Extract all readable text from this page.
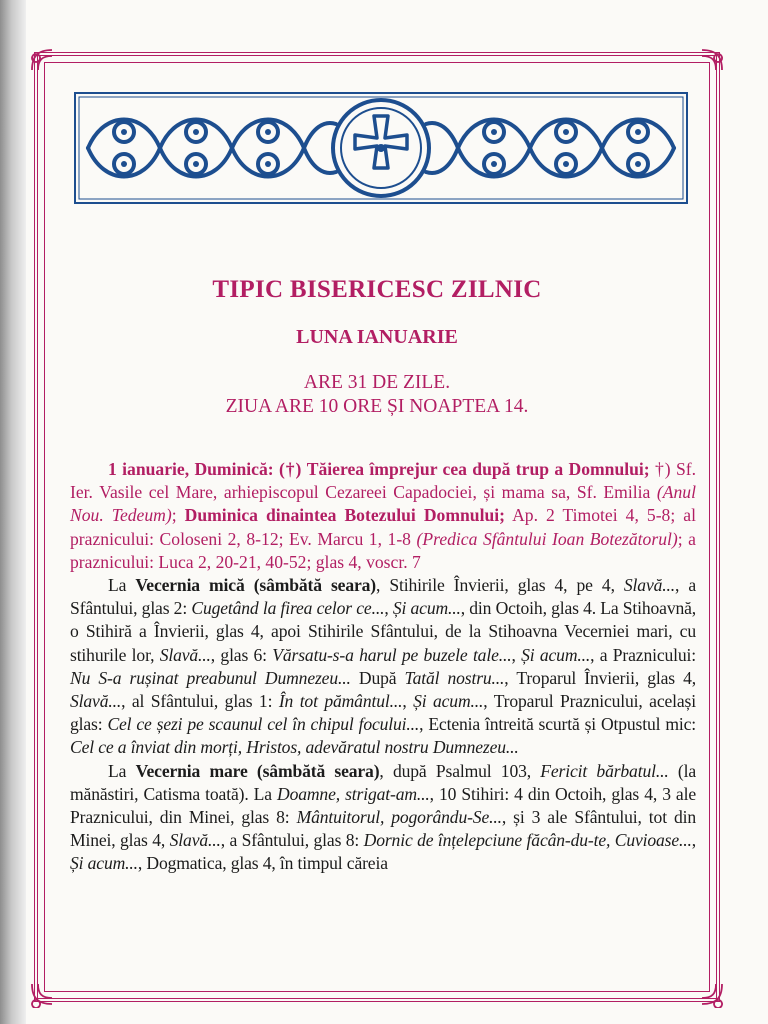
TIPIC BISERICESC ZILNIC
LUNA IANUARIE
ARE 31 DE ZILE.
ZIUA ARE 10 ORE ȘI NOAPTEA 14.

1 ianuarie, Duminică: (†) Tăierea împrejur cea după trup a Domnului; †) Sf. Ier. Vasile cel Mare, arhiepiscopul Cezareei Capadociei, și mama sa, Sf. Emilia (Anul Nou. Tedeum); Duminica dinaintea Botezului Domnului; Ap. 2 Timotei 4, 5-8; al praznicului: Coloseni 2, 8-12; Ev. Marcu 1, 1-8 (Predica Sfântului Ioan Botezătorul); a praznicului: Luca 2, 20-21, 40-52; glas 4, voscr. 7

La Vecernia mică (sâmbătă seara), Stihirile Învierii, glas 4, pe 4, Slavă..., a Sfântului, glas 2: Cugetând la firea celor ce..., Și acum..., din Octoih, glas 4. La Stihoavnă, o Stihiră a Învierii, glas 4, apoi Stihirile Sfântului, de la Stihoavna Vecerniei mari, cu stihurile lor, Slavă..., glas 6: Vărsatu-s-a harul pe buzele tale..., Și acum..., a Praznicului: Nu S-a rușinat preabunul Dumnezeu... După Tatăl nostru..., Troparul Învierii, glas 4, Slavă..., al Sfântului, glas 1: În tot pământul..., Și acum..., Troparul Praznicului, același glas: Cel ce șezi pe scaunul cel în chipul focului..., Ectenia întreită scurtă și Otpustul mic: Cel ce a înviat din morți, Hristos, adevăratul nostru Dumnezeu...

La Vecernia mare (sâmbătă seara), după Psalmul 103, Fericit bărbatul... (la mănăstiri, Catisma toată). La Doamne, strigat-am..., 10 Stihiri: 4 din Octoih, glas 4, 3 ale Praznicului, din Minei, glas 8: Mântuitorul, pogorându-Se..., și 3 ale Sfântului, tot din Minei, glas 4, Slavă..., a Sfântului, glas 8: Dornic de înțelepciune făcân-du-te, Cuvioase..., Și acum..., Dogmatica, glas 4, în timpul căreia
